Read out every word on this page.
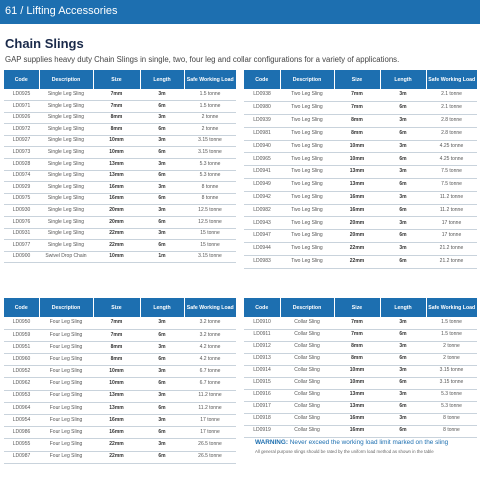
61 / Lifting Accessories
Chain Slings
GAP supplies heavy duty Chain Slings in single, two, four leg and collar configurations for a variety of applications.
Code	Description	Size	Length	Safe Working Load
LD0925	Single Leg Sling	7mm	3m	1.5 tonne
LD0971	Single Leg Sling	7mm	6m	1.5 tonne
LD0926	Single Leg Sling	8mm	3m	2 tonne
LD0972	Single Leg Sling	8mm	6m	2 tonne
LD0927	Single Leg Sling	10mm	3m	3.15 tonne
LD0973	Single Leg Sling	10mm	6m	3.15 tonne
LD0928	Single Leg Sling	13mm	3m	5.3 tonne
LD0974	Single Leg Sling	13mm	6m	5.3 tonne
LD0929	Single Leg Sling	16mm	3m	8 tonne
LD0975	Single Leg Sling	16mm	6m	8 tonne
LD0930	Single Leg Sling	20mm	3m	12.5 tonne
LD0976	Single Leg Sling	20mm	6m	12.5 tonne
LD0931	Single Leg Sling	22mm	3m	15 tonne
LD0977	Single Leg Sling	22mm	6m	15 tonne
LD0900	Swivel Drop Chain	10mm	1m	3.15 tonne
Code	Description	Size	Length	Safe Working Load
LD0938	Two Leg Sling	7mm	3m	2.1 tonne
LD0980	Two Leg Sling	7mm	6m	2.1 tonne
LD0939	Two Leg Sling	8mm	3m	2.8 tonne
LD0981	Two Leg Sling	8mm	6m	2.8 tonne
LD0940	Two Leg Sling	10mm	3m	4.25 tonne
LD0965	Two Leg Sling	10mm	6m	4.25 tonne
LD0941	Two Leg Sling	13mm	3m	7.5 tonne
LD0949	Two Leg Sling	13mm	6m	7.5 tonne
LD0942	Two Leg Sling	16mm	3m	11.2 tonne
LD0982	Two Leg Sling	16mm	6m	11.2 tonne
LD0943	Two Leg Sling	20mm	3m	17 tonne
LD0947	Two Leg Sling	20mm	6m	17 tonne
LD0944	Two Leg Sling	22mm	3m	21.2 tonne
LD0983	Two Leg Sling	22mm	6m	21.2 tonne
Code	Description	Size	Length	Safe Working Load
LD0950	Four Leg Sling	7mm	3m	3.2 tonne
LD0959	Four Leg Sling	7mm	6m	3.2 tonne
LD0951	Four Leg Sling	8mm	3m	4.2 tonne
LD0960	Four Leg Sling	8mm	6m	4.2 tonne
LD0952	Four Leg Sling	10mm	3m	6.7 tonne
LD0962	Four Leg Sling	10mm	6m	6.7 tonne
LD0953	Four Leg Sling	13mm	3m	11.2 tonne
LD0964	Four Leg Sling	13mm	6m	11.2 tonne
LD0954	Four Leg Sling	16mm	3m	17 tonne
LD0986	Four Leg Sling	16mm	6m	17 tonne
LD0955	Four Leg Sling	22mm	3m	26.5 tonne
LD0987	Four Leg Sling	22mm	6m	26.5 tonne
Code	Description	Size	Length	Safe Working Load
LD0910	Collar Sling	7mm	3m	1.5 tonne
LD0911	Collar Sling	7mm	6m	1.5 tonne
LD0912	Collar Sling	8mm	3m	2 tonne
LD0913	Collar Sling	8mm	6m	2 tonne
LD0914	Collar Sling	10mm	3m	3.15 tonne
LD0915	Collar Sling	10mm	6m	3.15 tonne
LD0916	Collar Sling	13mm	3m	5.3 tonne
LD0917	Collar Sling	13mm	6m	5.3 tonne
LD0918	Collar Sling	16mm	3m	8 tonne
LD0919	Collar Sling	16mm	6m	8 tonne
WARNING: Never exceed the working load limit marked on the sling
All general purpose slings should be rated by the uniform load method as shown in the table
